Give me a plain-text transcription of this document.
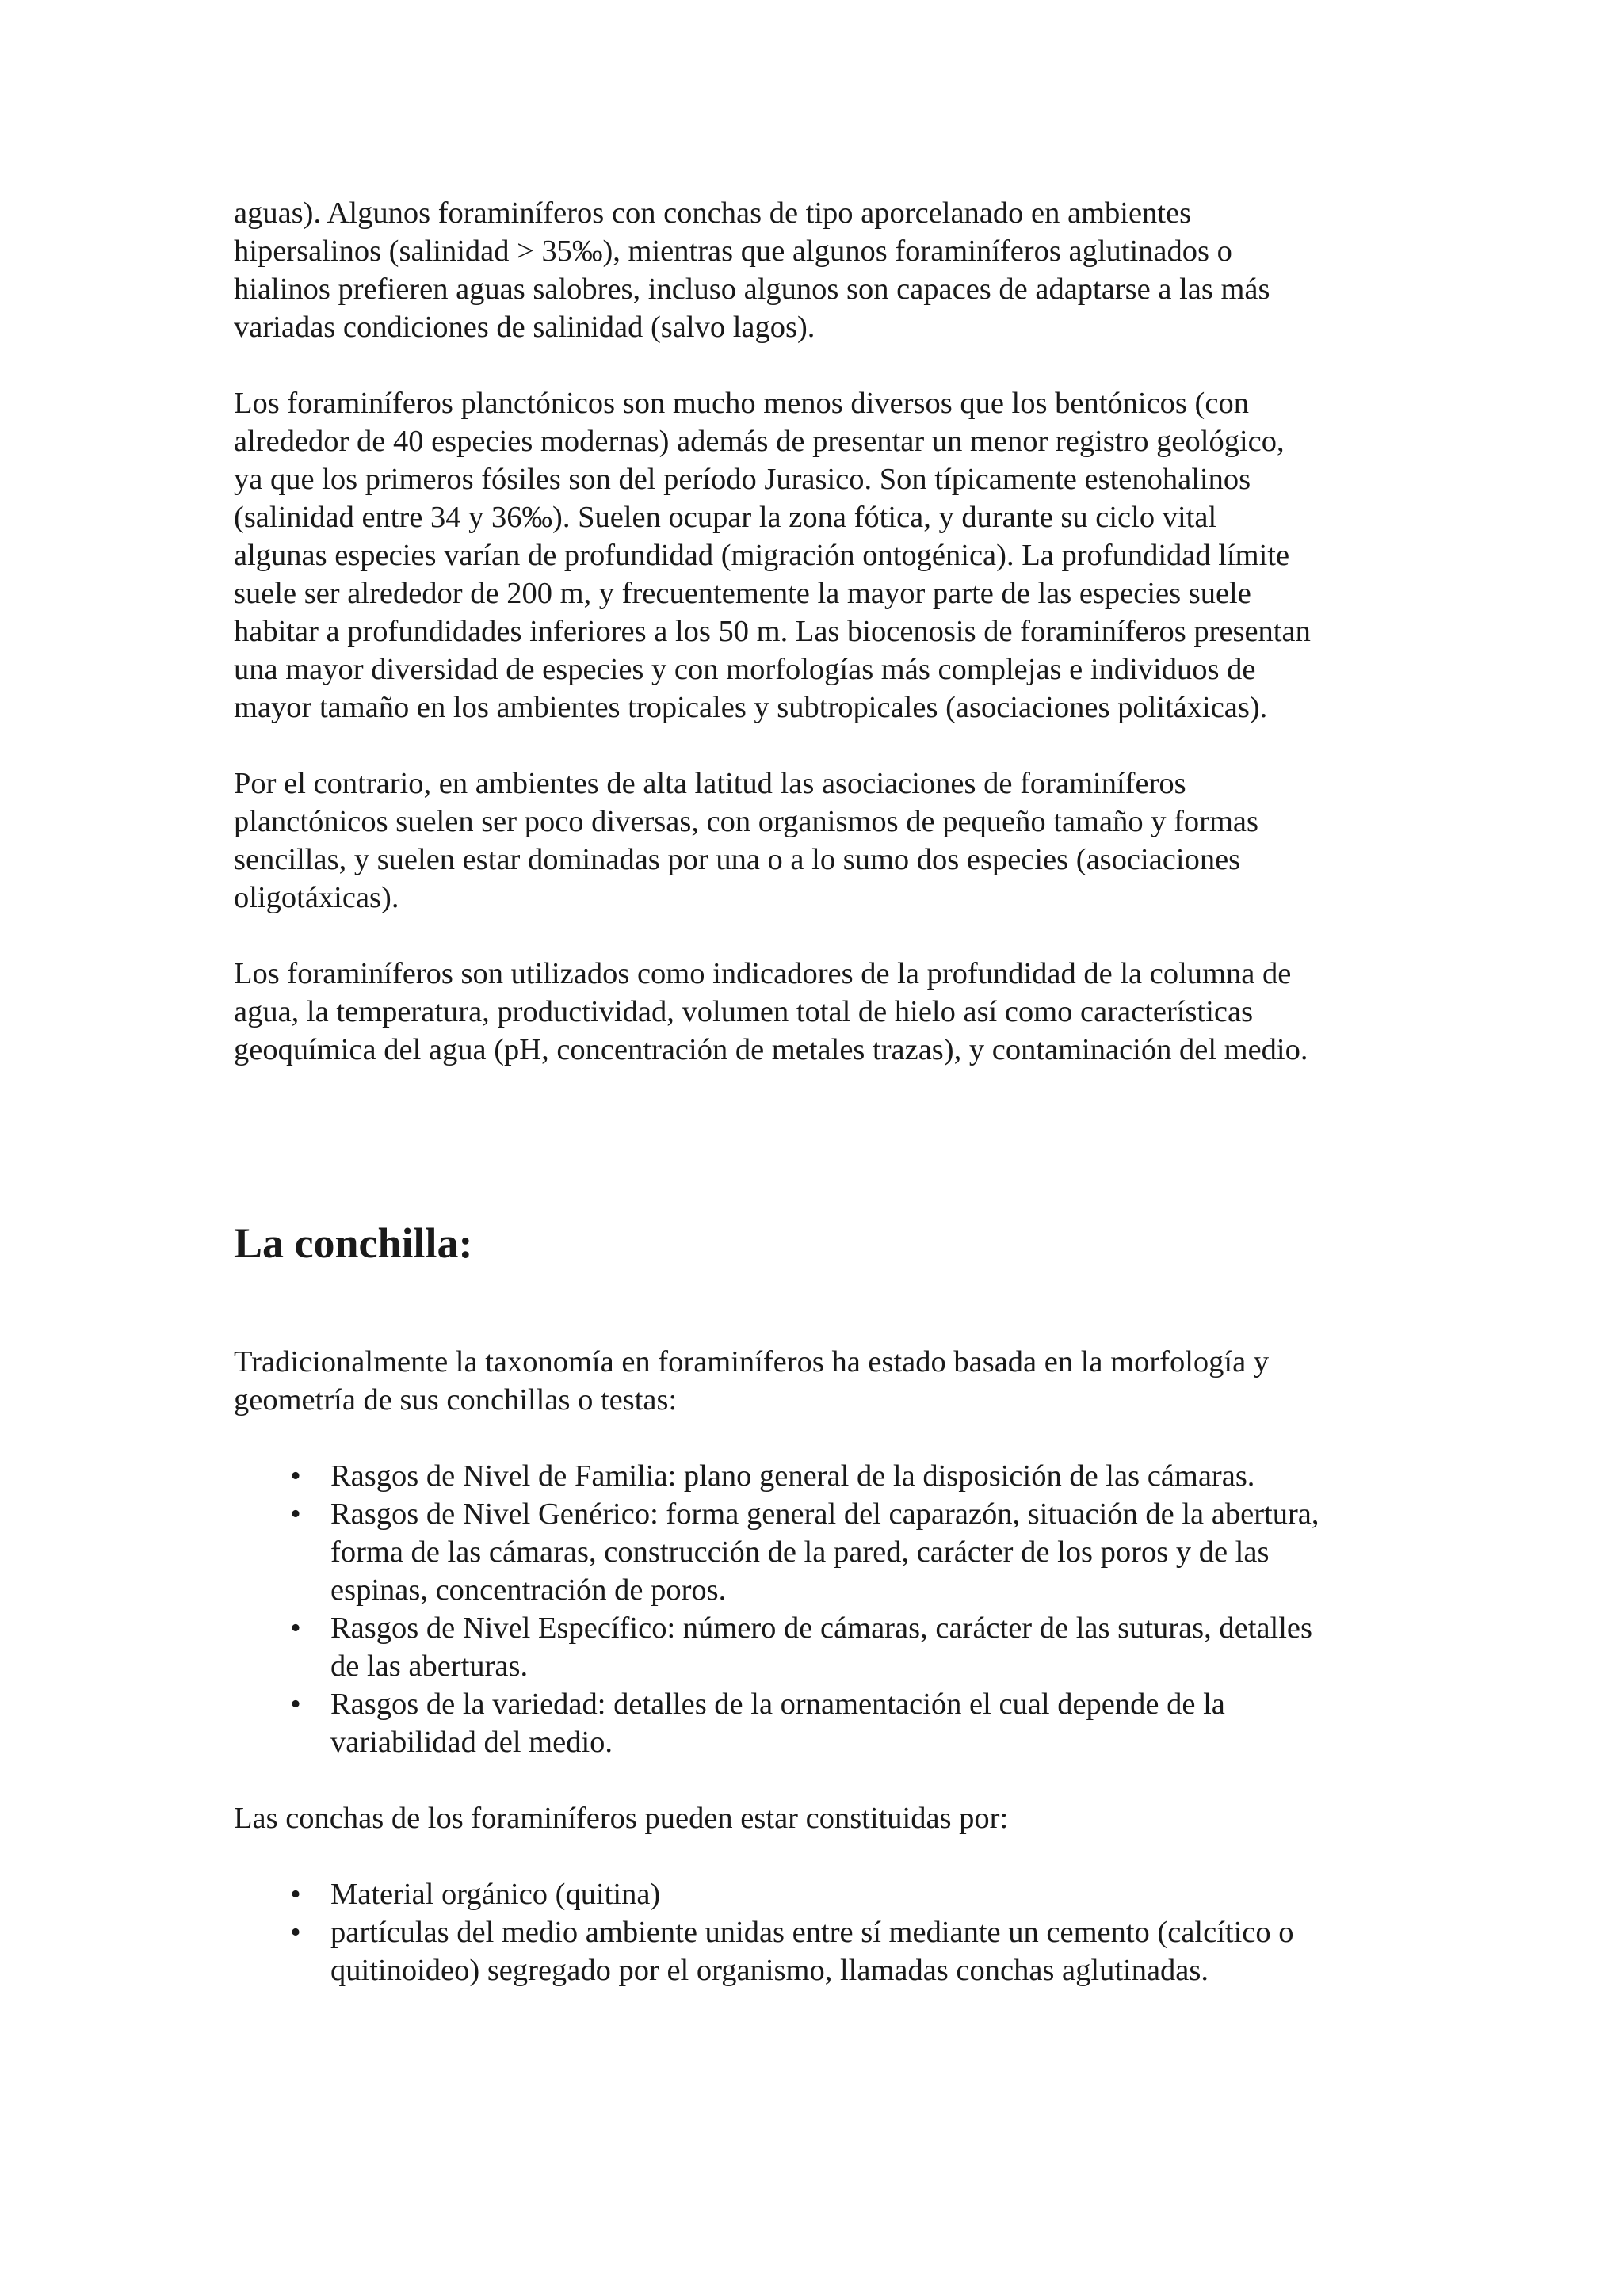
aguas). Algunos foraminíferos con conchas de tipo aporcelanado en ambientes
hipersalinos (salinidad > 35‰), mientras que algunos foraminíferos aglutinados o
hialinos prefieren aguas salobres, incluso algunos son capaces de adaptarse a las más
variadas condiciones de salinidad (salvo lagos).

Los foraminíferos planctónicos son mucho menos diversos que los bentónicos (con
alrededor de 40 especies modernas) además de presentar un menor registro geológico,
ya que los primeros fósiles son del período Jurasico. Son típicamente estenohalinos
(salinidad entre 34 y 36‰). Suelen ocupar la zona fótica, y durante su ciclo vital
algunas especies varían de profundidad (migración ontogénica). La profundidad límite
suele ser alrededor de 200 m, y frecuentemente la mayor parte de las especies suele
habitar a profundidades inferiores a los 50 m. Las biocenosis de foraminíferos presentan
una mayor diversidad de especies y con morfologías más complejas e individuos de
mayor tamaño en los ambientes tropicales y subtropicales (asociaciones politáxicas).

Por el contrario, en ambientes de alta latitud las asociaciones de foraminíferos
planctónicos suelen ser poco diversas, con organismos de pequeño tamaño y formas
sencillas, y suelen estar dominadas por una o a lo sumo dos especies (asociaciones
oligotáxicas).

Los foraminíferos son utilizados como indicadores de la profundidad de la columna de
agua, la temperatura, productividad, volumen total de hielo así como características
geoquímica del agua (pH, concentración de metales trazas), y contaminación del medio.

La conchilla:

Tradicionalmente la taxonomía en foraminíferos ha estado basada en la morfología y
geometría de sus conchillas o testas:

• Rasgos de Nivel de Familia: plano general de la disposición de las cámaras.
• Rasgos de Nivel Genérico: forma general del caparazón, situación de la abertura,
forma de las cámaras, construcción de la pared, carácter de los poros y de las
espinas, concentración de poros.
• Rasgos de Nivel Específico: número de cámaras, carácter de las suturas, detalles
de las aberturas.
• Rasgos de la variedad: detalles de la ornamentación el cual depende de la
variabilidad del medio.

Las conchas de los foraminíferos pueden estar constituidas por:

• Material orgánico (quitina)
• partículas del medio ambiente unidas entre sí mediante un cemento (calcítico o
quitinoideo) segregado por el organismo, llamadas conchas aglutinadas.
